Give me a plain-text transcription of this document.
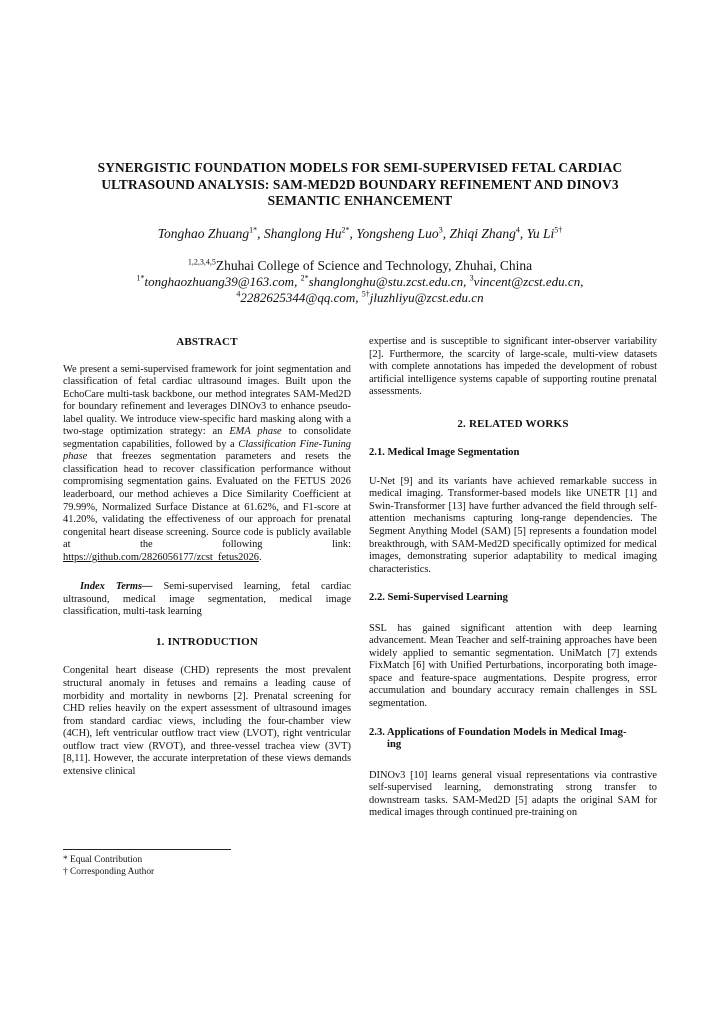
SYNERGISTIC FOUNDATION MODELS FOR SEMI-SUPERVISED FETAL CARDIAC
ULTRASOUND ANALYSIS: SAM-MED2D BOUNDARY REFINEMENT AND DINOV3
SEMANTIC ENHANCEMENT
Tonghao Zhuang$^{1*}$, Shanglong $Hu^{2*}$, Yongsheng Luo$^3$, Zhiqi Zhang$^4$, Yu $Li^{5\dagger}$
$^{1,2,3,4,5}$Zhuhai College of Science and Technology, Zhuhai, China
$^{1*}$tonghaozhuang39@163.com, $^{2*}$shanglonghu@stu.zcst.edu.cn, $^3$vincent@zcst.edu.cn,
$^4$2282625344@qq.com, $^{5\dagger}$jluzhliyu@zcst.edu.cn
ABSTRACT

We present a semi-supervised framework for joint segmentation and classification of fetal cardiac ultrasound images. Built upon the EchoCare multi-task backbone, our method integrates SAM-Med2D for boundary refinement and leverages DINOv3 to enhance pseudo-label quality. We introduce view-specific hard masking along with a two-stage optimization strategy: an EMA phase to consolidate segmentation capabilities, followed by a Classification Fine-Tuning phase that freezes segmentation parameters and resets the classification head to recover classification performance without compromising segmentation gains. Evaluated on the FETUS 2026 leaderboard, our method achieves a Dice Similarity Coefficient at 79.99%, Normalized Surface Distance at 61.62%, and F1-score at 41.20%, validating the effectiveness of our approach for prenatal congenital heart disease screening. Source code is publicly available at the following link: https://github.com/2826056177/zcst_fetus2026.

Index Terms— Semi-supervised learning, fetal cardiac ultrasound, medical image segmentation, medical image classification, multi-task learning

1. INTRODUCTION

Congenital heart disease (CHD) represents the most prevalent structural anomaly in fetuses and remains a leading cause of morbidity and mortality in newborns [2]. Prenatal screening for CHD relies heavily on the expert assessment of ultrasound images from standard cardiac views, including the four-chamber view (4CH), left ventricular outflow tract view (LVOT), right ventricular outflow tract view (RVOT), and three-vessel trachea view (3VT) [8,11]. However, the accurate interpretation of these views demands extensive clinical

expertise and is susceptible to significant inter-observer variability [2]. Furthermore, the scarcity of large-scale, multi-view datasets with complete annotations has impeded the development of robust artificial intelligence systems capable of supporting routine prenatal assessments.

2. RELATED WORKS
2.1. Medical Image Segmentation

U-Net [9] and its variants have achieved remarkable success in medical imaging. Transformer-based models like UNETR [1] and Swin-Transformer [13] have further advanced the field through self-attention mechanisms capturing long-range dependencies. The Segment Anything Model (SAM) [5] represents a foundation model breakthrough, with SAM-Med2D specifically optimized for medical images, demonstrating superior adaptability to medical imaging characteristics.

2.2. Semi-Supervised Learning

SSL has gained significant attention with deep learning advancement. Mean Teacher and self-training approaches have been widely applied to semantic segmentation. UniMatch [7] extends FixMatch [6] with Unified Perturbations, incorporating both image-space and feature-space augmentations. Despite progress, error accumulation and boundary accuracy remain challenges in SSL segmentation.

2.3. Applications of Foundation Models in Medical Imag-
ing

DINOv3 [10] learns general visual representations via contrastive self-supervised learning, demonstrating strong transfer to downstream tasks. SAM-Med2D [5] adapts the original SAM for medical images through continued pre-training on

* Equal Contribution
† Corresponding Author
